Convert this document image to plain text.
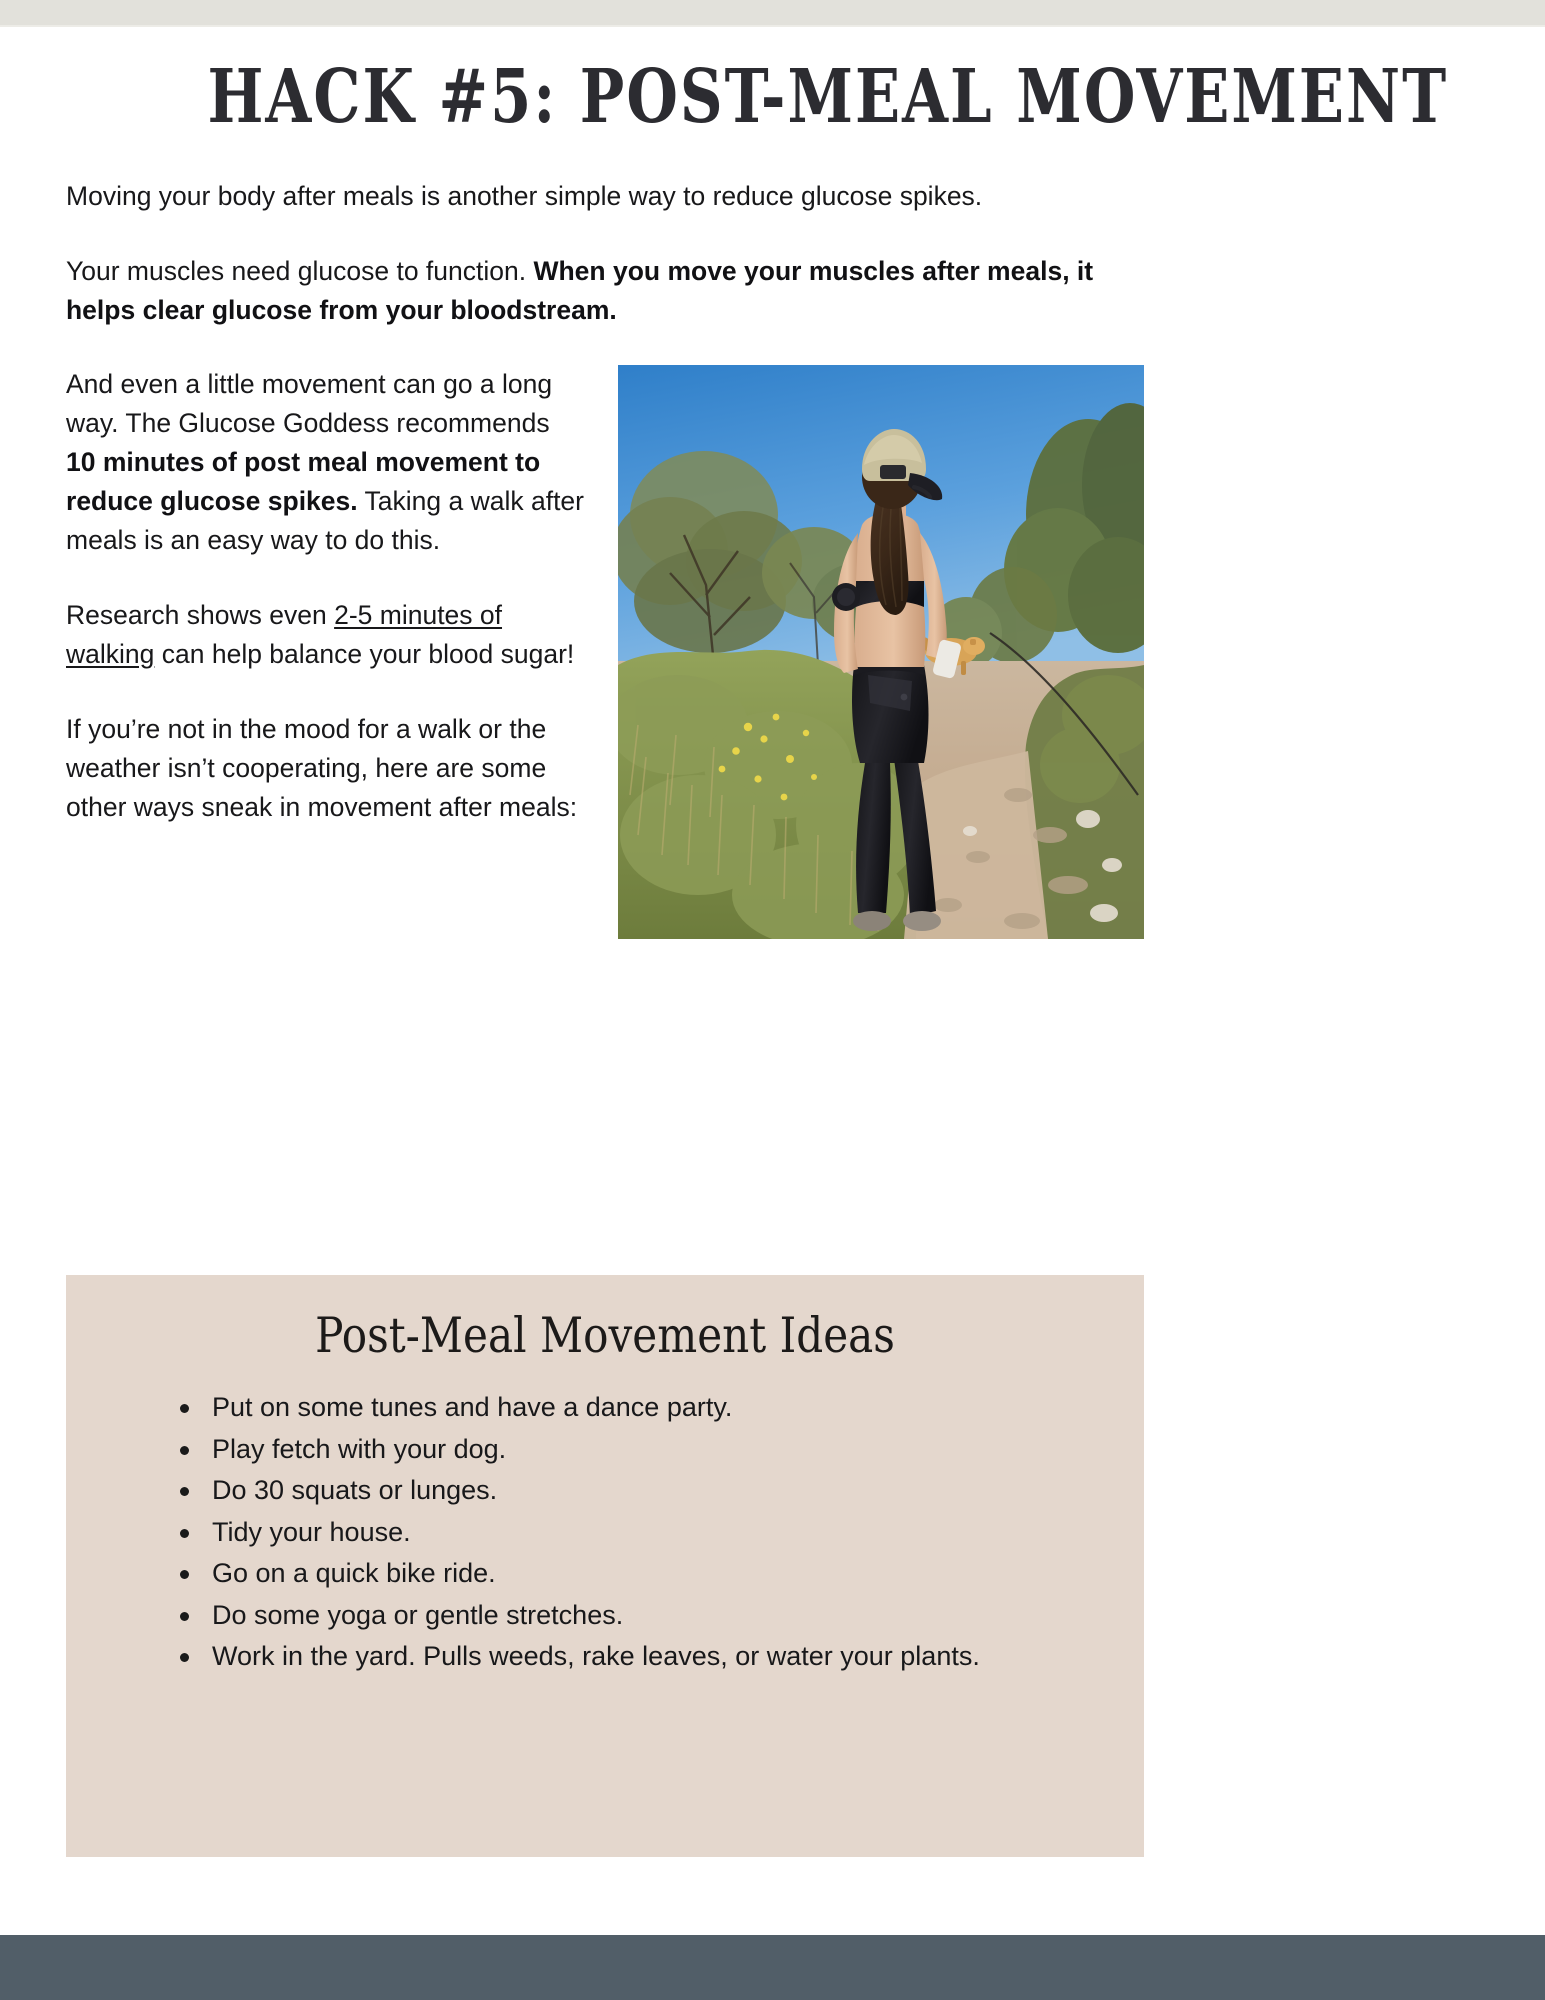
HACK #5: POST-MEAL MOVEMENT

Moving your body after meals is another simple way to reduce glucose spikes.

Your muscles need glucose to function. When you move your muscles after meals, it helps clear glucose from your bloodstream.

And even a little movement can go a long way. The Glucose Goddess recommends 10 minutes of post meal movement to reduce glucose spikes. Taking a walk after meals is an easy way to do this.

Research shows even 2-5 minutes of walking can help balance your blood sugar!

If you’re not in the mood for a walk or the weather isn’t cooperating, here are some other ways sneak in movement after meals:

Post-Meal Movement Ideas
Put on some tunes and have a dance party.
Play fetch with your dog.
Do 30 squats or lunges.
Tidy your house.
Go on a quick bike ride.
Do some yoga or gentle stretches.
Work in the yard. Pulls weeds, rake leaves, or water your plants.
